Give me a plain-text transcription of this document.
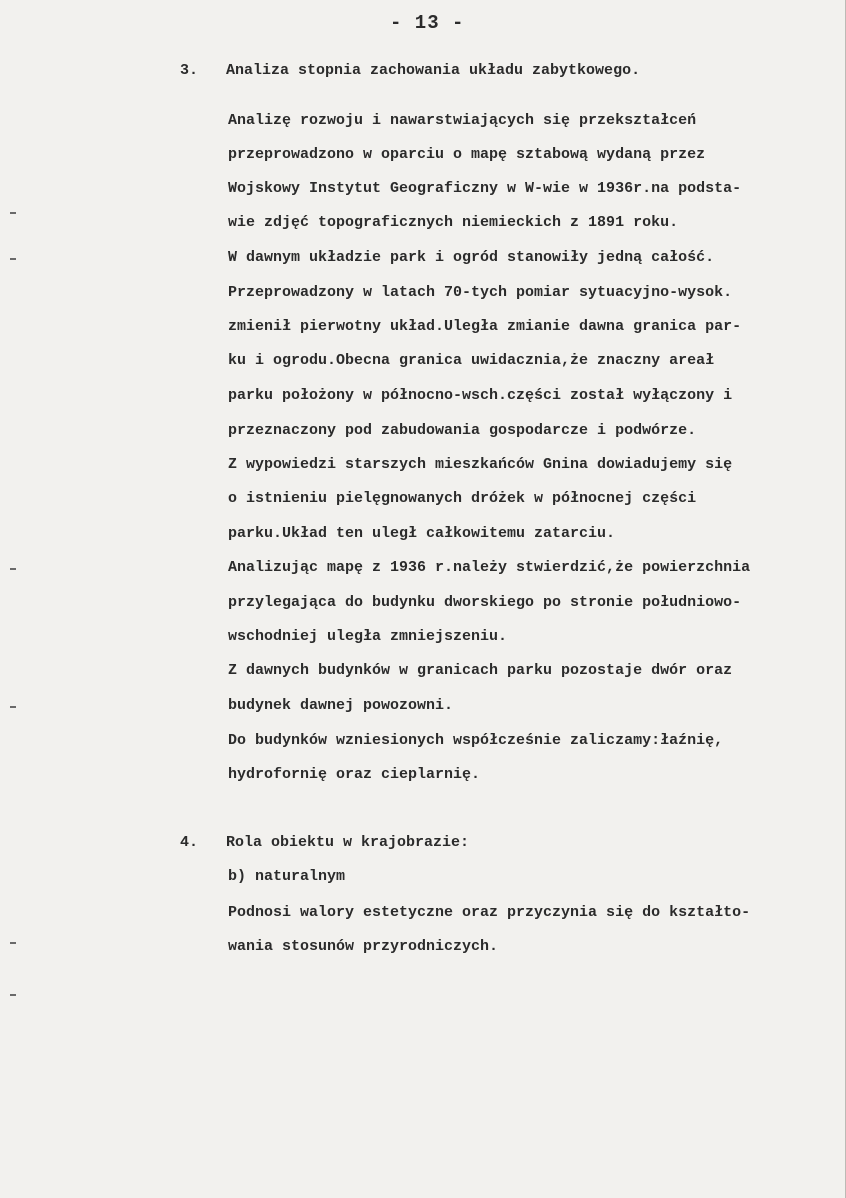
- 13 -
3. Analiza stopnia zachowania układu zabytkowego.
Analizę rozwoju i nawarstwiających się przekształceń
przeprowadzono w oparciu o mapę sztabową wydaną przez
Wojskowy Instytut Geograficzny w W-wie w 1936r.na podsta-
wie zdjęć topograficznych niemieckich z 1891 roku.
W dawnym układzie park i ogród stanowiły jedną całość.
Przeprowadzony w latach 70-tych pomiar sytuacyjno-wysok.
zmienił pierwotny układ.Uległa zmianie dawna granica par-
ku i ogrodu.Obecna granica uwidacznia,że znaczny areał
parku położony w północno-wsch.części został wyłączony i
przeznaczony pod zabudowania gospodarcze i podwórze.
Z wypowiedzi starszych mieszkańców Gnina dowiadujemy się
o istnieniu pielęgnowanych dróżek w północnej części
parku.Układ ten uległ całkowitemu zatarciu.
Analizując mapę z 1936 r.należy stwierdzić,że powierzchnia
przylegająca do budynku dworskiego po stronie południowo-
wschodniej uległa zmniejszeniu.
Z dawnych budynków w granicach parku pozostaje dwór oraz
budynek dawnej powozowni.
Do budynków wzniesionych współcześnie zaliczamy:łaźnię,
hydrofornię oraz cieplarnię.
4. Rola obiektu w krajobrazie:
b) naturalnym
Podnosi walory estetyczne oraz przyczynia się do kształto-
wania stosunów przyrodniczych.
